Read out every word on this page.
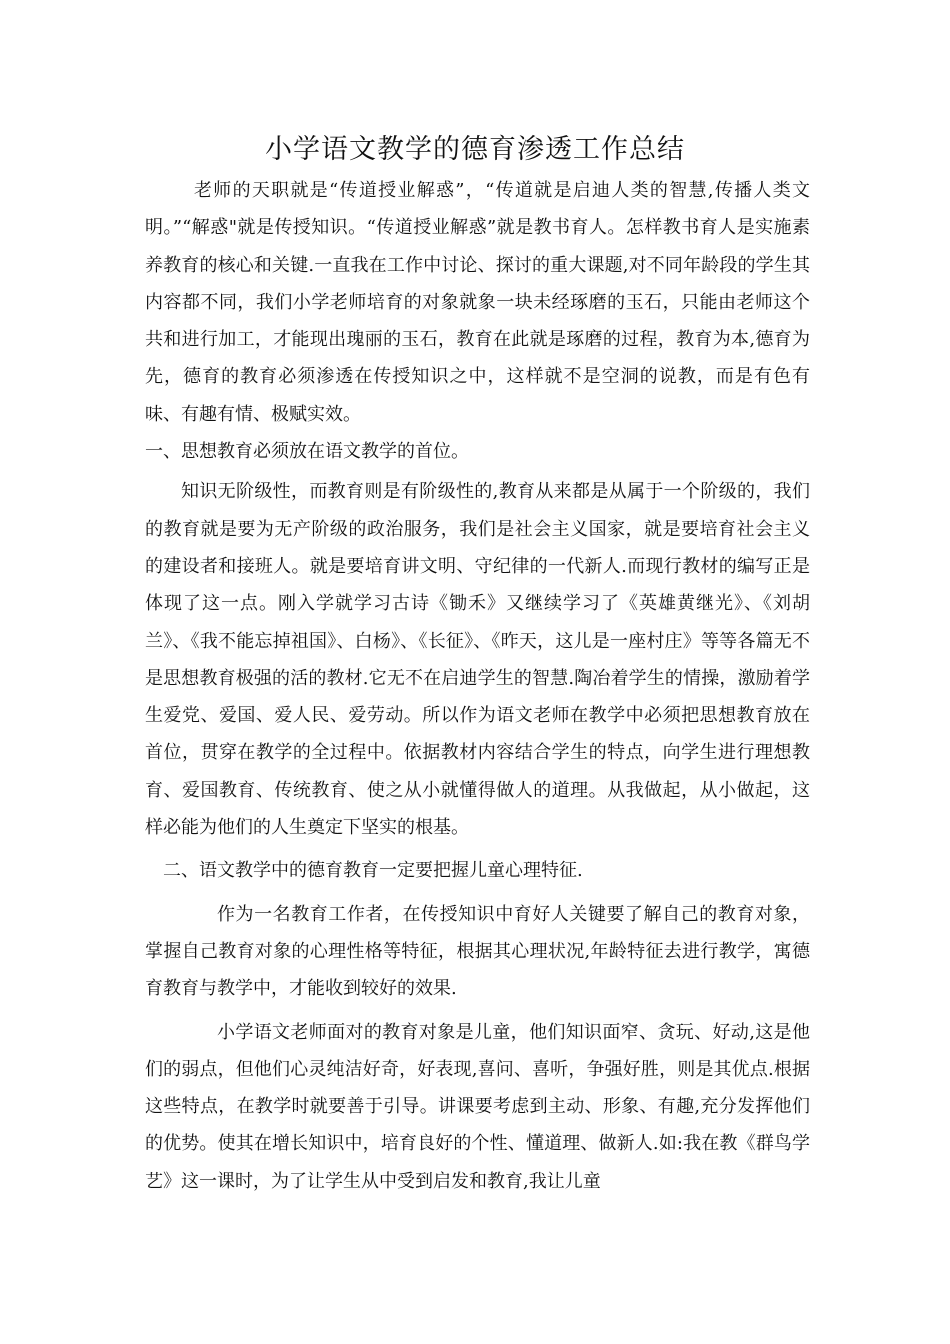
小学语文教学的德育渗透工作总结

老师的天职就是“传道授业解惑”，“传道就是启迪人类的智慧,传播人类文明。”“解惑"就是传授知识。“传道授业解惑”就是教书育人。怎样教书育人是实施素养教育的核心和关键.一直我在工作中讨论、探讨的重大课题,对不同年龄段的学生其内容都不同，我们小学老师培育的对象就象一块未经琢磨的玉石，只能由老师这个共和进行加工，才能现出瑰丽的玉石，教育在此就是琢磨的过程，教育为本,德育为先，德育的教育必须渗透在传授知识之中，这样就不是空洞的说教，而是有色有味、有趣有情、极赋实效。

一、思想教育必须放在语文教学的首位。

知识无阶级性，而教育则是有阶级性的,教育从来都是从属于一个阶级的，我们的教育就是要为无产阶级的政治服务，我们是社会主义国家，就是要培育社会主义的建设者和接班人。就是要培育讲文明、守纪律的一代新人.而现行教材的编写正是体现了这一点。刚入学就学习古诗《锄禾》又继续学习了《英雄黄继光》、《刘胡兰》、《我不能忘掉祖国》、白杨》、《长征》、《昨天，这儿是一座村庄》等等各篇无不是思想教育极强的活的教材.它无不在启迪学生的智慧.陶冶着学生的情操，激励着学生爱党、爱国、爱人民、爱劳动。所以作为语文老师在教学中必须把思想教育放在首位，贯穿在教学的全过程中。依据教材内容结合学生的特点，向学生进行理想教育、爱国教育、传统教育、使之从小就懂得做人的道理。从我做起，从小做起，这样必能为他们的人生奠定下坚实的根基。

二、语文教学中的德育教育一定要把握儿童心理特征.

作为一名教育工作者，在传授知识中育好人关键要了解自己的教育对象，掌握自己教育对象的心理性格等特征，根据其心理状况,年龄特征去进行教学，寓德育教育与教学中，才能收到较好的效果.

小学语文老师面对的教育对象是儿童，他们知识面窄、贪玩、好动,这是他们的弱点，但他们心灵纯洁好奇，好表现,喜问、喜听，争强好胜，则是其优点.根据这些特点，在教学时就要善于引导。讲课要考虑到主动、形象、有趣,充分发挥他们的优势。使其在增长知识中，培育良好的个性、懂道理、做新人.如:我在教《群鸟学艺》这一课时，为了让学生从中受到启发和教育,我让儿童
